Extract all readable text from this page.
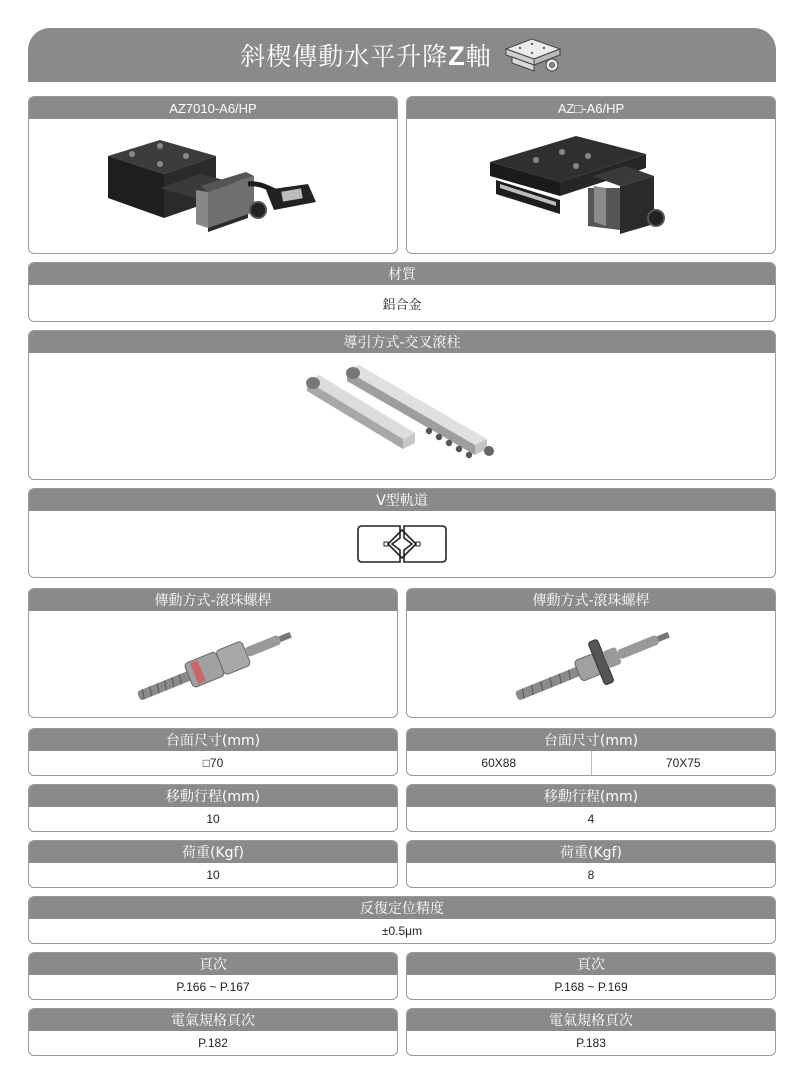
斜楔傳動水平升降Z軸
AZ7010-A6/HP	AZ□-A6/HP
材質
鋁合金
導引方式-交叉滾柱
V型軌道
傳動方式-滾珠螺桿	傳動方式-滾珠螺桿
台面尺寸(mm)
□70
台面尺寸(mm)
60X88	70X75
移動行程(mm)
10
移動行程(mm)
4
荷重(Kgf)
10
荷重(Kgf)
8
反復定位精度
±0.5μm
頁次
P.166 ~ P.167
頁次
P.168 ~ P.169
電氣規格頁次
P.182
電氣規格頁次
P.183
